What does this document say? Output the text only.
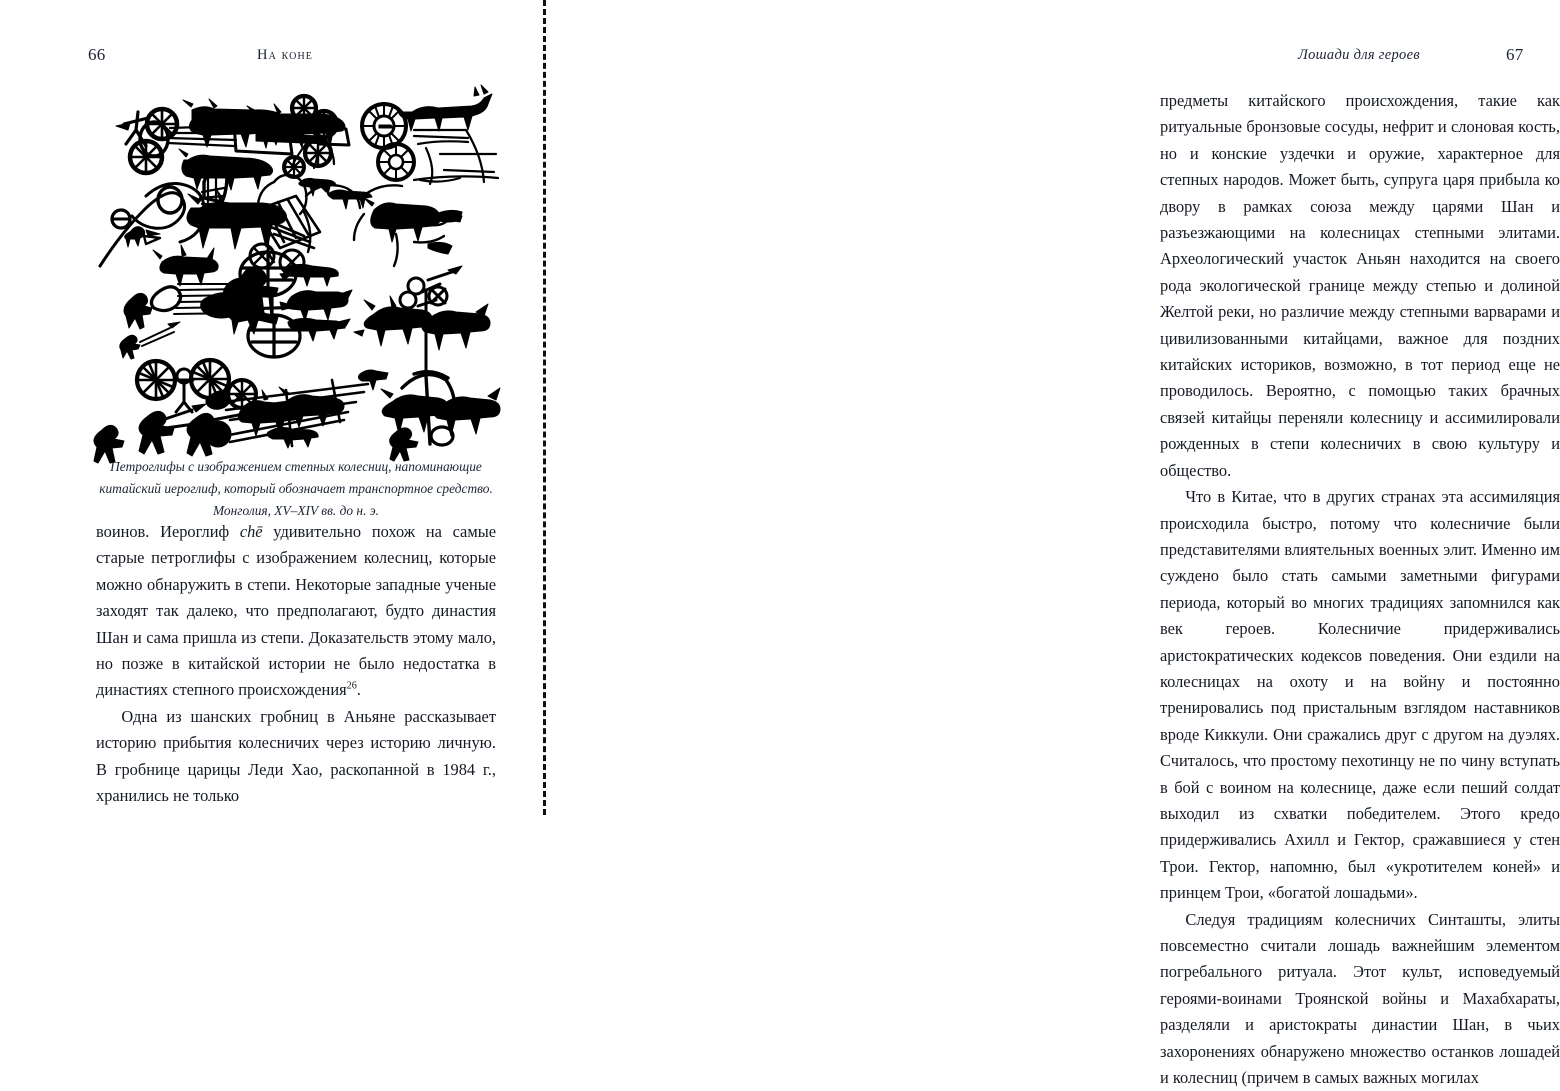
66	На коне
Петроглифы с изображением степных колесниц, напоминающие китайский иероглиф, который обозначает транспортное средство. Монголия, XV–XIV вв. до н. э.

воинов. Иероглиф chē удивительно похож на самые старые петроглифы с изображением колесниц, которые можно обнаружить в степи. Некоторые западные ученые заходят так далеко, что предполагают, будто династия Шан и сама пришла из степи. Доказательств этому мало, но позже в китайской истории не было недостатка в династиях степного происхождения$^{26}$.

Одна из шанских гробниц в Аньяне рассказывает историю прибытия колесничих через историю личную. В гробнице царицы Леди Хао, раскопанной в 1984 г., хранились не только

Лошади для героев	67

предметы китайского происхождения, такие как ритуальные бронзовые сосуды, нефрит и слоновая кость, но и конские уздечки и оружие, характерное для степных народов. Может быть, супруга царя прибыла ко двору в рамках союза между царями Шан и разъезжающими на колесницах степными элитами. Археологический участок Аньян находится на своего рода экологической границе между степью и долиной Желтой реки, но различие между степными варварами и цивилизованными китайцами, важное для поздних китайских историков, возможно, в тот период еще не проводилось. Вероятно, с помощью таких брачных связей китайцы переняли колесницу и ассимилировали рожденных в степи колесничих в свою культуру и общество.

Что в Китае, что в других странах эта ассимиляция происходила быстро, потому что колесничие были представителями влиятельных военных элит. Именно им суждено было стать самыми заметными фигурами периода, который во многих традициях запомнился как век героев. Колесничие придерживались аристократических кодексов поведения. Они ездили на колесницах на охоту и на войну и постоянно тренировались под пристальным взглядом наставников вроде Киккули. Они сражались друг с другом на дуэлях. Считалось, что простому пехотинцу не по чину вступать в бой с воином на колеснице, даже если пеший солдат выходил из схватки победителем. Этого кредо придерживались Ахилл и Гектор, сражавшиеся у стен Трои. Гектор, напомню, был «укротителем коней» и принцем Трои, «богатой лошадьми».

Следуя традициям колесничих Синташты, элиты повсеместно считали лошадь важнейшим элементом погребального ритуала. Этот культ, исповедуемый героями-воинами Троянской войны и Махабхараты, разделяли и аристократы династии Шан, в чьих захоронениях обнаружено множество останков лошадей и колесниц (причем в самых важных могилах
